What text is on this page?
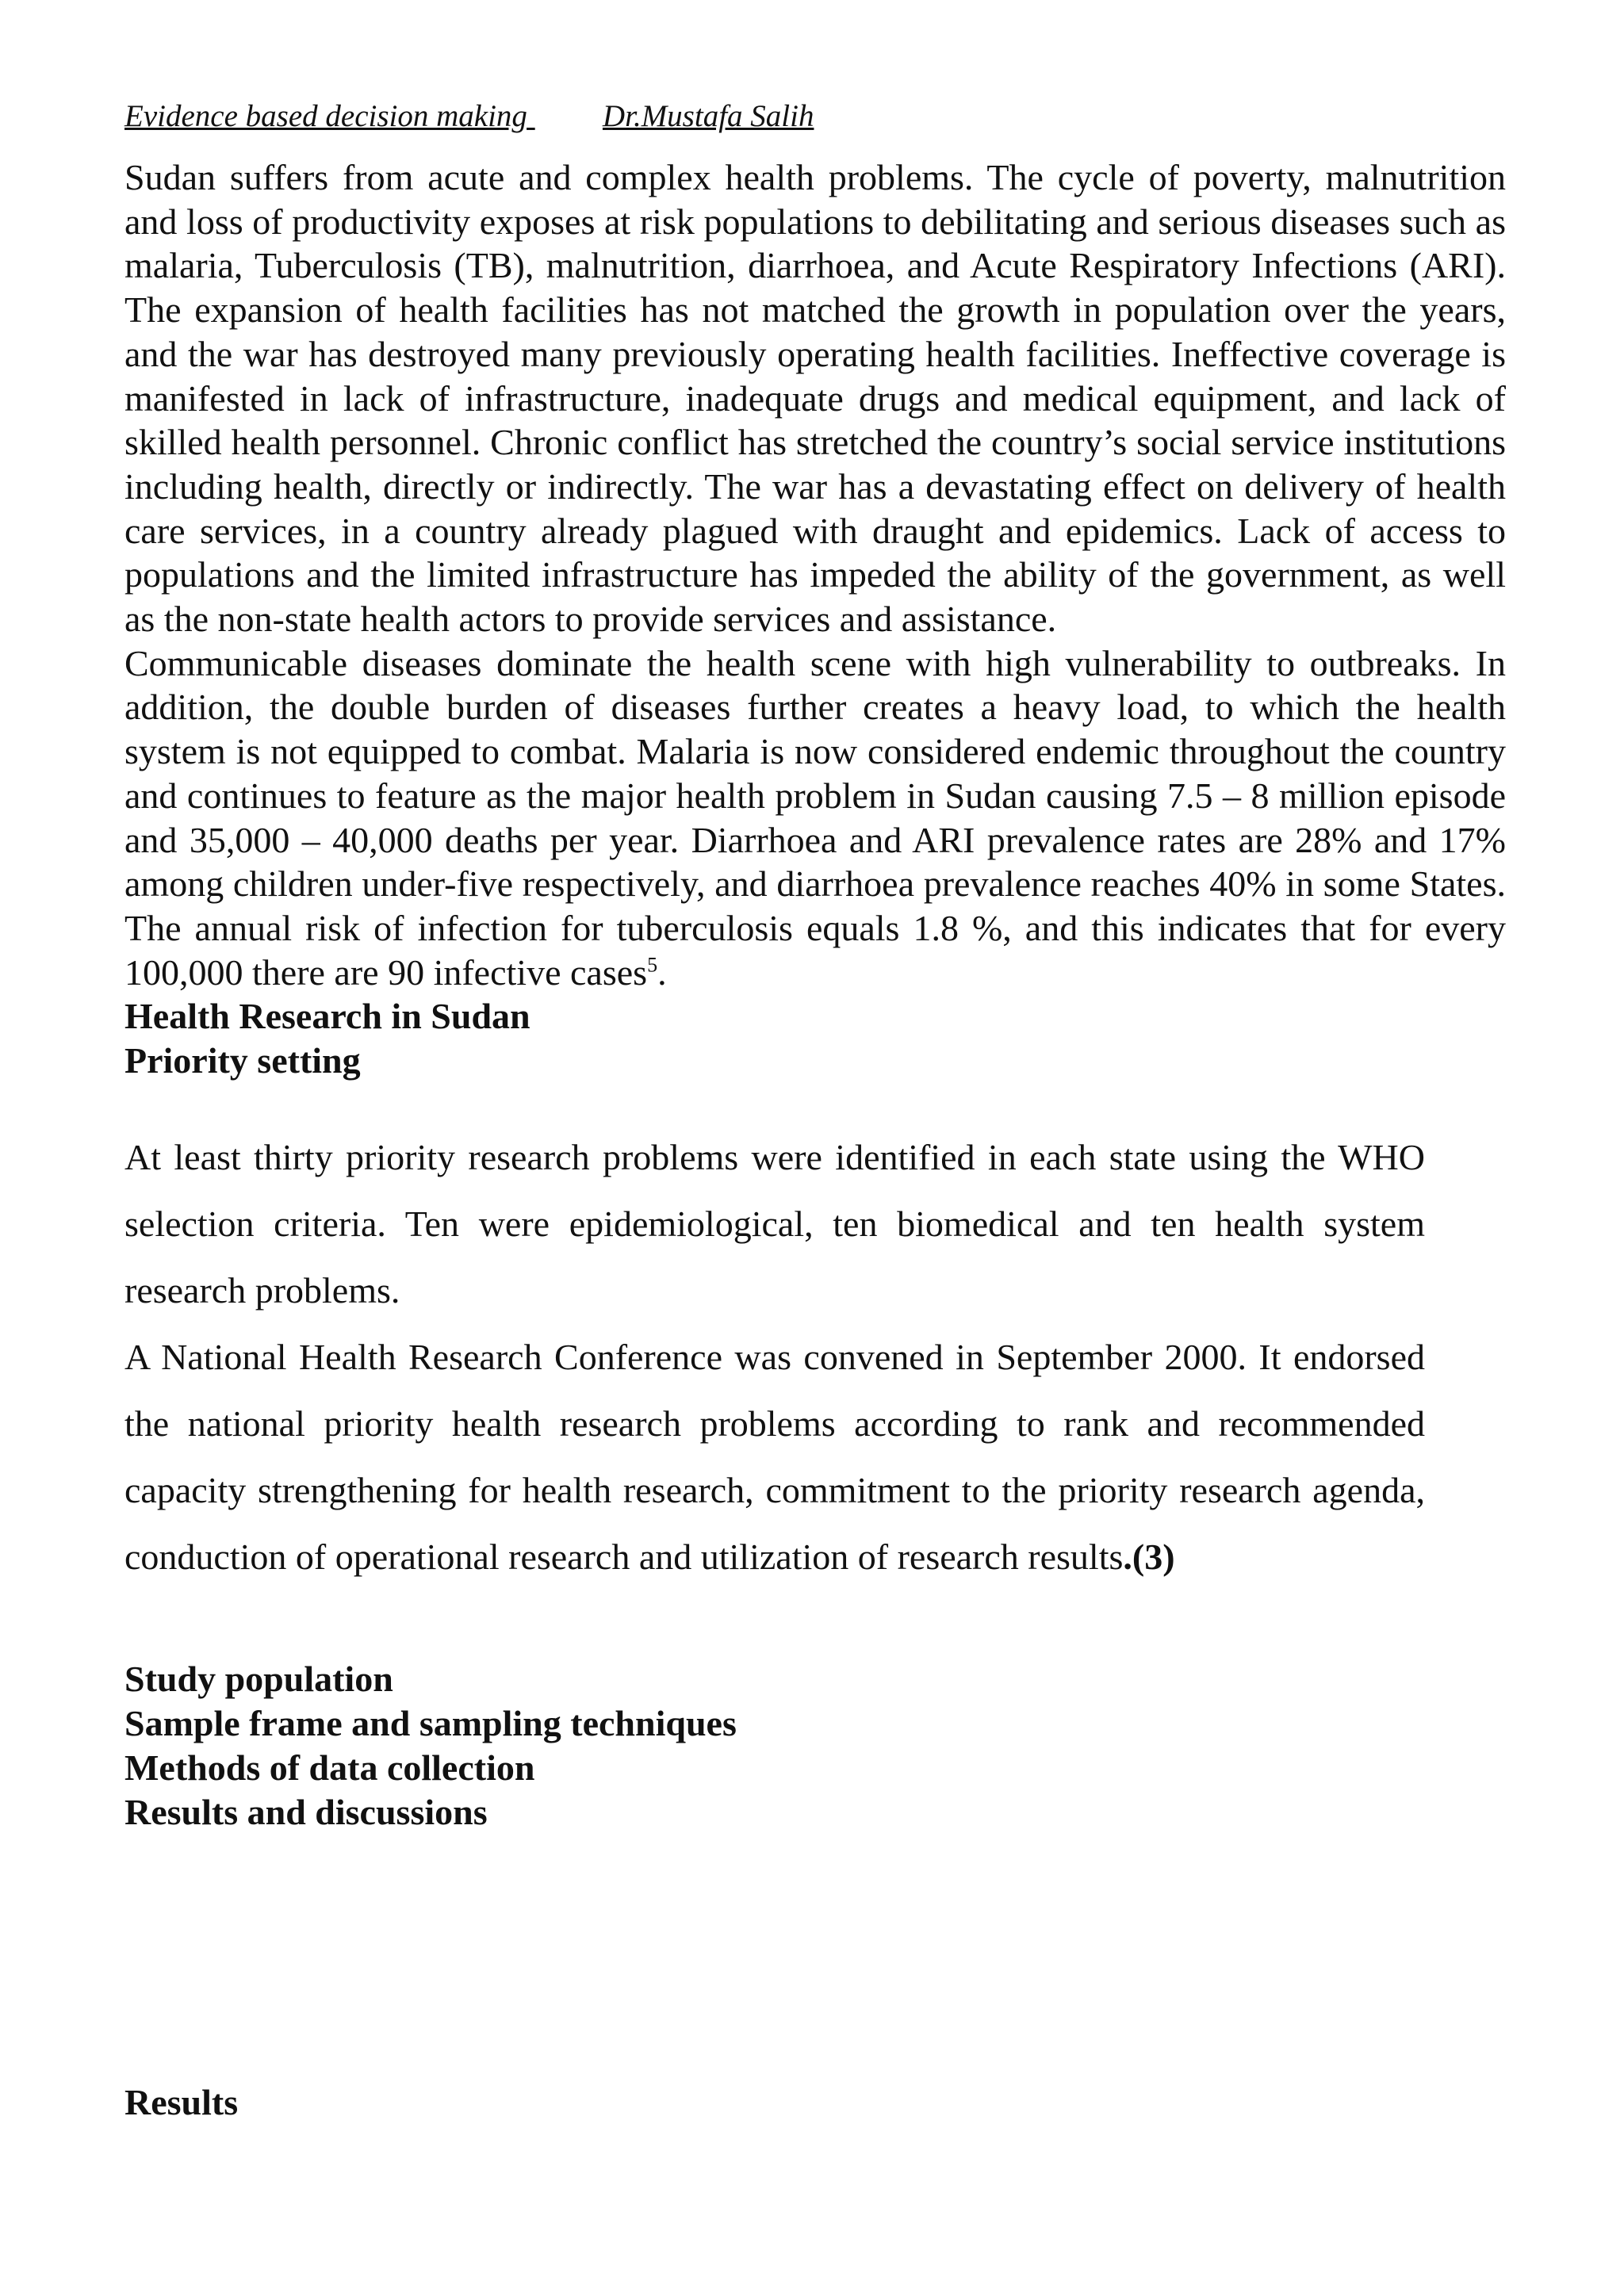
Evidence based decision making Dr.Mustafa Salih

Sudan suffers from acute and complex health problems. The cycle of poverty, malnutrition and loss of productivity exposes at risk populations to debilitating and serious diseases such as malaria, Tuberculosis (TB), malnutrition, diarrhoea, and Acute Respiratory Infections (ARI). The expansion of health facilities has not matched the growth in population over the years, and the war has destroyed many previously operating health facilities. Ineffective coverage is manifested in lack of infrastructure, inadequate drugs and medical equipment, and lack of skilled health personnel. Chronic conflict has stretched the country’s social service institutions including health, directly or indirectly. The war has a devastating effect on delivery of health care services, in a country already plagued with draught and epidemics. Lack of access to populations and the limited infrastructure has impeded the ability of the government, as well as the non-state health actors to provide services and assistance.

Communicable diseases dominate the health scene with high vulnerability to outbreaks. In addition, the double burden of diseases further creates a heavy load, to which the health system is not equipped to combat. Malaria is now considered endemic throughout the country and continues to feature as the major health problem in Sudan causing 7.5 – 8 million episode and 35,000 – 40,000 deaths per year. Diarrhoea and ARI prevalence rates are 28% and 17% among children under-five respectively, and diarrhoea prevalence reaches 40% in some States. The annual risk of infection for tuberculosis equals 1.8 %, and this indicates that for every 100,000 there are 90 infective cases$^5$.

Health Research in Sudan

Priority setting

At least thirty priority research problems were identified in each state using the WHO selection criteria. Ten were epidemiological, ten biomedical and ten health system research problems.

A National Health Research Conference was convened in September 2000. It endorsed the national priority health research problems according to rank and recommended capacity strengthening for health research, commitment to the priority research agenda, conduction of operational research and utilization of research results.(3)

Study population
Sample frame and sampling techniques
Methods of data collection
Results and discussions
Results
